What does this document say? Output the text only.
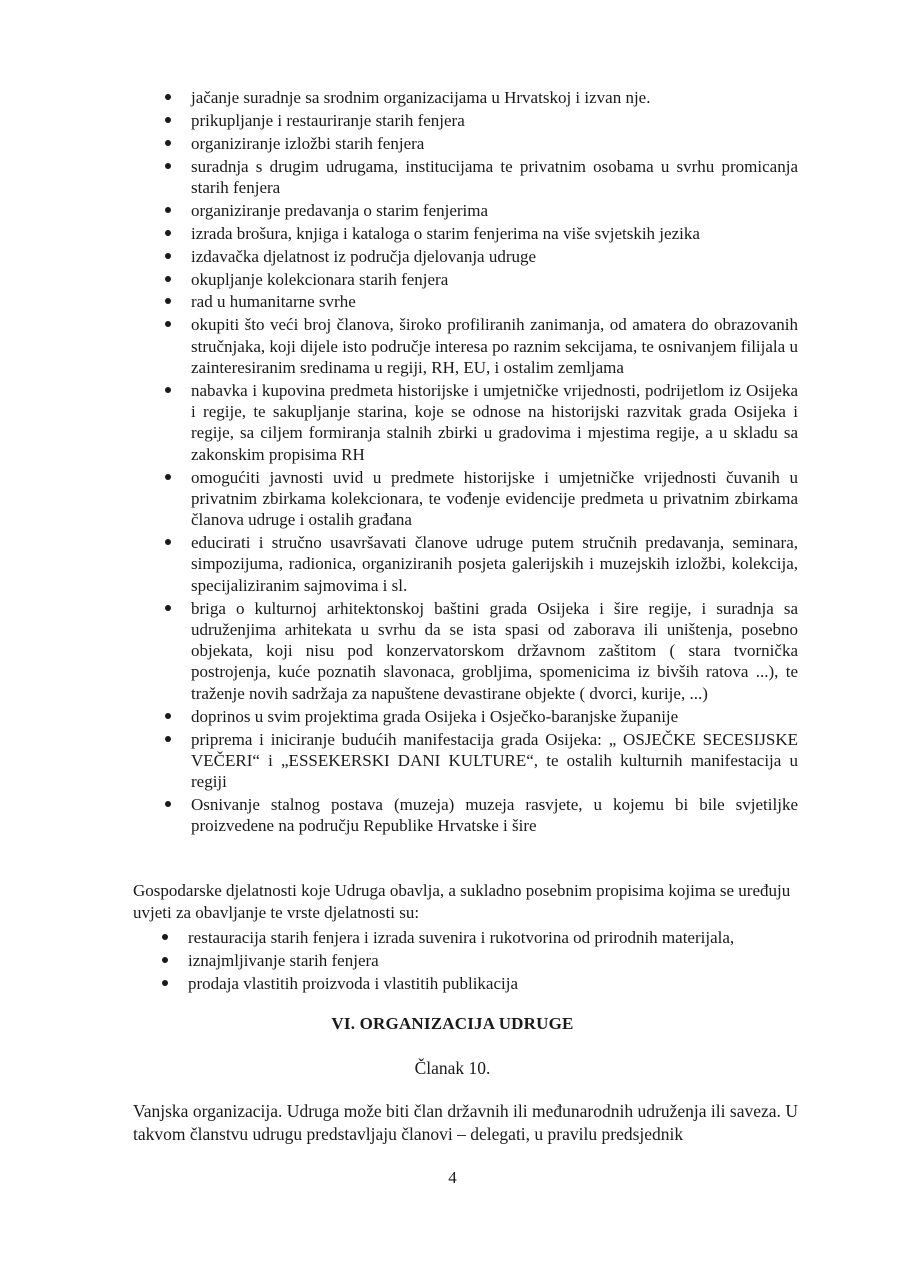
jačanje suradnje sa srodnim organizacijama u Hrvatskoj i izvan nje.
prikupljanje i restauriranje starih fenjera
organiziranje izložbi starih fenjera
suradnja s drugim udrugama, institucijama te privatnim osobama u svrhu promicanja starih fenjera
organiziranje predavanja o starim fenjerima
izrada brošura, knjiga i kataloga o starim fenjerima na više svjetskih jezika
izdavačka djelatnost iz područja djelovanja udruge
okupljanje kolekcionara starih fenjera
rad u humanitarne svrhe
okupiti što veći broj članova, široko profiliranih zanimanja, od amatera do obrazovanih stručnjaka, koji dijele isto područje interesa po raznim sekcijama, te osnivanjem filijala u zainteresiranim sredinama u regiji, RH, EU, i ostalim zemljama
nabavka i kupovina predmeta historijske i umjetničke vrijednosti, podrijetlom iz Osijeka i regije, te sakupljanje starina, koje se odnose na historijski razvitak grada Osijeka i regije, sa ciljem formiranja stalnih zbirki u gradovima i mjestima regije, a u skladu sa zakonskim propisima RH
omogućiti javnosti uvid u predmete historijske i umjetničke vrijednosti čuvanih u privatnim zbirkama kolekcionara, te vođenje evidencije predmeta u privatnim zbirkama članova udruge i ostalih građana
educirati i stručno usavršavati članove udruge putem stručnih predavanja, seminara, simpozijuma, radionica, organiziranih posjeta galerijskih i muzejskih izložbi, kolekcija, specijaliziranim sajmovima i sl.
briga o kulturnoj arhitektonskoj baštini grada Osijeka i šire regije, i suradnja sa udruženjima arhitekata u svrhu da se ista spasi od zaborava ili uništenja, posebno objekata, koji nisu pod konzervatorskom državnom zaštitom ( stara tvornička postrojenja, kuće poznatih slavonaca, grobljima, spomenicima iz bivših ratova ...), te traženje novih sadržaja za napuštene devastirane objekte ( dvorci, kurije, ...)
doprinos u svim projektima grada Osijeka i Osječko-baranjske županije
priprema i iniciranje budućih manifestacija grada Osijeka: „ OSJEČKE SECESIJSKE VEČERI“ i „ESSEKERSKI DANI KULTURE“, te ostalih kulturnih manifestacija u regiji
Osnivanje stalnog postava (muzeja) muzeja rasvjete, u kojemu bi bile svjetiljke proizvedene na području Republike Hrvatske i šire
Gospodarske djelatnosti koje Udruga obavlja, a sukladno posebnim propisima kojima se uređuju uvjeti za obavljanje te vrste djelatnosti su:
restauracija starih fenjera i izrada suvenira i rukotvorina od prirodnih materijala,
iznajmljivanje starih fenjera
prodaja vlastitih proizvoda i vlastitih publikacija
VI. ORGANIZACIJA UDRUGE
Članak 10.
Vanjska organizacija. Udruga može biti član državnih ili međunarodnih udruženja ili saveza. U takvom članstvu udrugu predstavljaju članovi – delegati, u pravilu predsjednik
4
